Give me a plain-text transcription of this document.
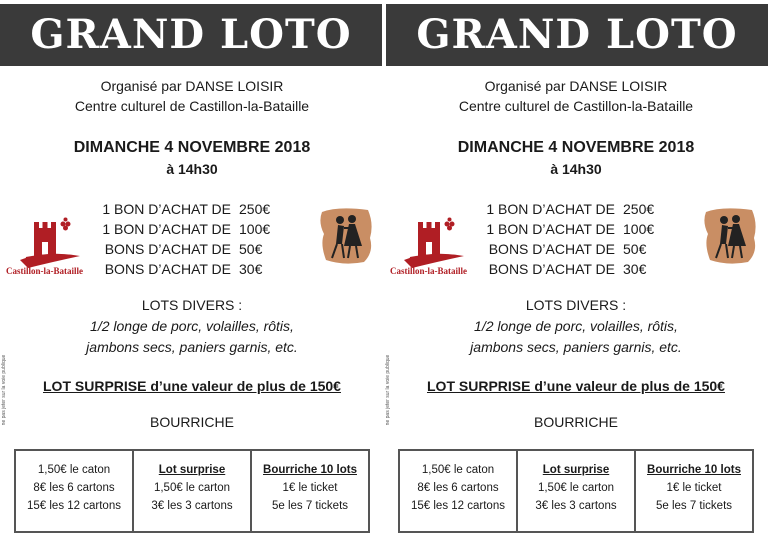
GRAND LOTO
Organisé par DANSE LOISIR
Centre culturel de Castillon-la-Bataille
DIMANCHE 4 NOVEMBRE 2018
à 14h30
Castillon-la-Bataille
1 BON D’ACHAT DE 250€
1 BON D’ACHAT DE 100€
BONS D’ACHAT DE 50€
BONS D’ACHAT DE 30€
LOTS DIVERS :
1/2 longe de porc, volailles, rôtis,
jambons secs, paniers garnis, etc.
LOT SURPRISE d’une valeur de plus de 150€
BOURRICHE
ne pas jeter sur la voie publique
1,50€ le caton
8€ les 6 cartons
15€ les 12 cartons
Lot surprise
1,50€ le carton
3€ les 3 cartons
Bourriche 10 lots
1€ le ticket
5e les 7 tickets
GRAND LOTO
Organisé par DANSE LOISIR
Centre culturel de Castillon-la-Bataille
DIMANCHE 4 NOVEMBRE 2018
à 14h30
Castillon-la-Bataille
1 BON D’ACHAT DE 250€
1 BON D’ACHAT DE 100€
BONS D’ACHAT DE 50€
BONS D’ACHAT DE 30€
LOTS DIVERS :
1/2 longe de porc, volailles, rôtis,
jambons secs, paniers garnis, etc.
LOT SURPRISE d’une valeur de plus de 150€
BOURRICHE
ne pas jeter sur la voie publique
1,50€ le caton
8€ les 6 cartons
15€ les 12 cartons
Lot surprise
1,50€ le carton
3€ les 3 cartons
Bourriche 10 lots
1€ le ticket
5e les 7 tickets
